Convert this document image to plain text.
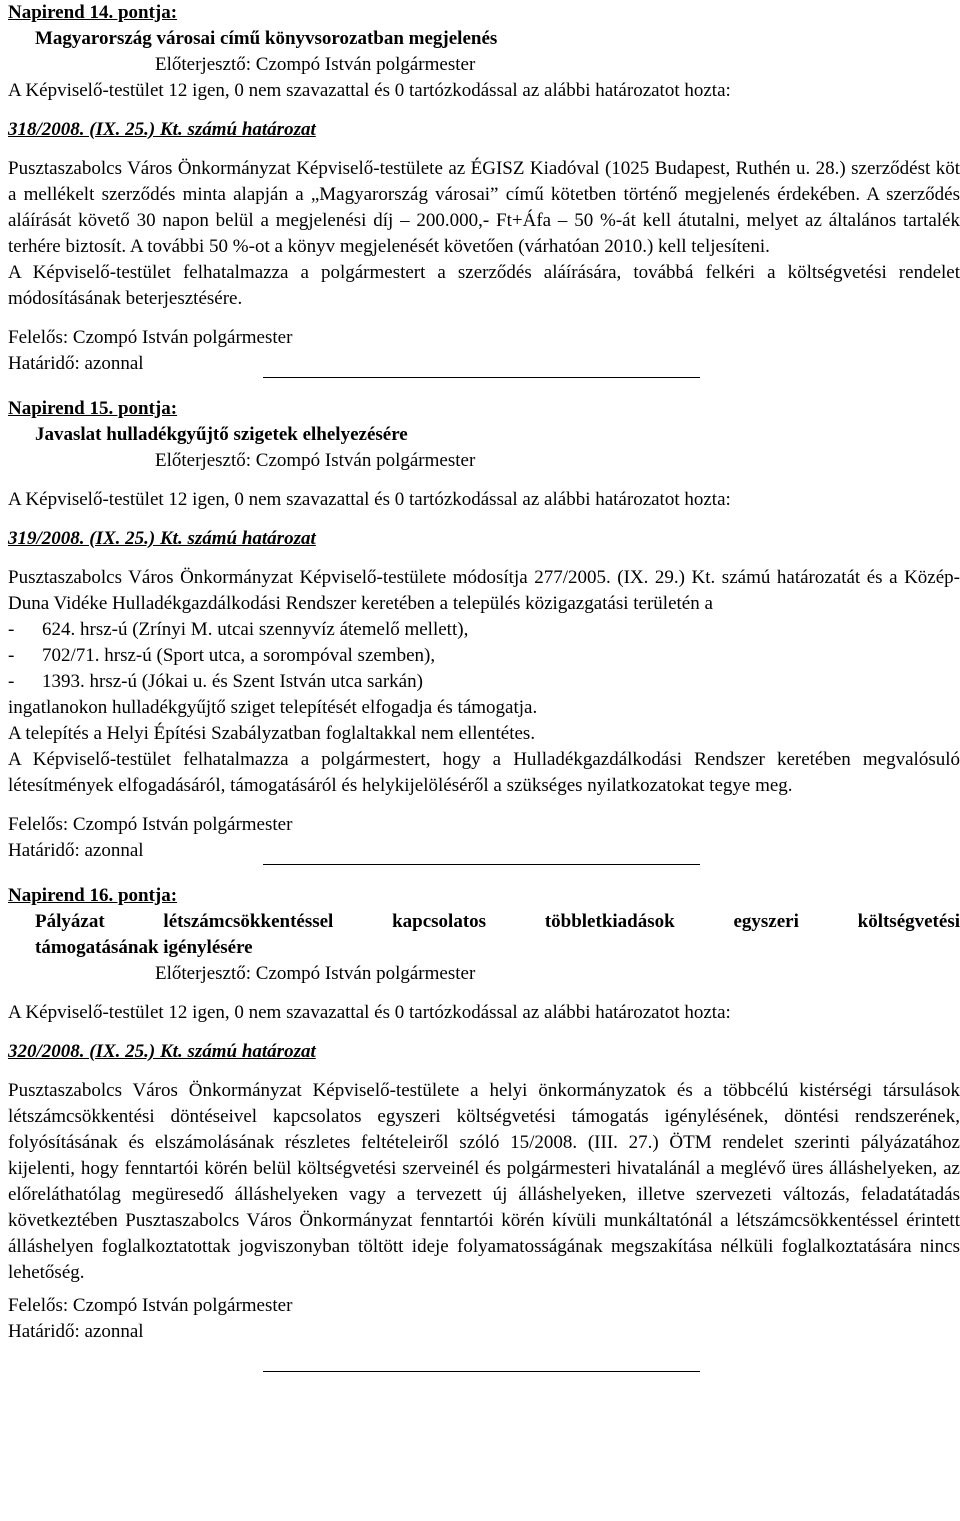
Napirend 14. pontja:
Magyarország városai című könyvsorozatban megjelenés
Előterjesztő: Czompó István polgármester
A Képviselő-testület 12 igen, 0 nem szavazattal és 0 tartózkodással az alábbi határozatot hozta:
318/2008. (IX. 25.) Kt. számú határozat

Pusztaszabolcs Város Önkormányzat Képviselő-testülete az ÉGISZ Kiadóval (1025 Budapest, Ruthén u. 28.) szerződést köt a mellékelt szerződés minta alapján a „Magyarország városai” című kötetben történő megjelenés érdekében. A szerződés aláírását követő 30 napon belül a megjelenési díj – 200.000,- Ft+Áfa – 50 %-át kell átutalni, melyet az általános tartalék terhére biztosít. A további 50 %-ot a könyv megjelenését követően (várhatóan 2010.) kell teljesíteni.

A Képviselő-testület felhatalmazza a polgármestert a szerződés aláírására, továbbá felkéri a költségvetési rendelet módosításának beterjesztésére.

Felelős: Czompó István polgármester
Határidő: azonnal
Napirend 15. pontja:
Javaslat hulladékgyűjtő szigetek elhelyezésére
Előterjesztő: Czompó István polgármester
A Képviselő-testület 12 igen, 0 nem szavazattal és 0 tartózkodással az alábbi határozatot hozta:
319/2008. (IX. 25.) Kt. számú határozat

Pusztaszabolcs Város Önkormányzat Képviselő-testülete módosítja 277/2005. (IX. 29.) Kt. számú határozatát és a Közép-Duna Vidéke Hulladékgazdálkodási Rendszer keretében a település közigazgatási területén a

- 624. hrsz-ú (Zrínyi M. utcai szennyvíz átemelő mellett),
- 702/71. hrsz-ú (Sport utca, a sorompóval szemben),
- 1393. hrsz-ú (Jókai u. és Szent István utca sarkán)

ingatlanokon hulladékgyűjtő sziget telepítését elfogadja és támogatja.

A telepítés a Helyi Építési Szabályzatban foglaltakkal nem ellentétes.

A Képviselő-testület felhatalmazza a polgármestert, hogy a Hulladékgazdálkodási Rendszer keretében megvalósuló létesítmények elfogadásáról, támogatásáról és helykijelöléséről a szükséges nyilatkozatokat tegye meg.

Felelős: Czompó István polgármester
Határidő: azonnal
Napirend 16. pontja:
Pályázat létszámcsökkentéssel kapcsolatos többletkiadások egyszeri költségvetési
támogatásának igénylésére
Előterjesztő: Czompó István polgármester
A Képviselő-testület 12 igen, 0 nem szavazattal és 0 tartózkodással az alábbi határozatot hozta:
320/2008. (IX. 25.) Kt. számú határozat

Pusztaszabolcs Város Önkormányzat Képviselő-testülete a helyi önkormányzatok és a többcélú kistérségi társulások létszámcsökkentési döntéseivel kapcsolatos egyszeri költségvetési támogatás igénylésének, döntési rendszerének, folyósításának és elszámolásának részletes feltételeiről szóló 15/2008. (III. 27.) ÖTM rendelet szerinti pályázatához kijelenti, hogy fenntartói körén belül költségvetési szerveinél és polgármesteri hivatalánál a meglévő üres álláshelyeken, az előreláthatólag megüresedő álláshelyeken vagy a tervezett új álláshelyeken, illetve szervezeti változás, feladatátadás következtében Pusztaszabolcs Város Önkormányzat fenntartói körén kívüli munkáltatónál a létszámcsökkentéssel érintett álláshelyen foglalkoztatottak jogviszonyban töltött ideje folyamatosságának megszakítása nélküli foglalkoztatására nincs lehetőség.

Felelős: Czompó István polgármester
Határidő: azonnal
